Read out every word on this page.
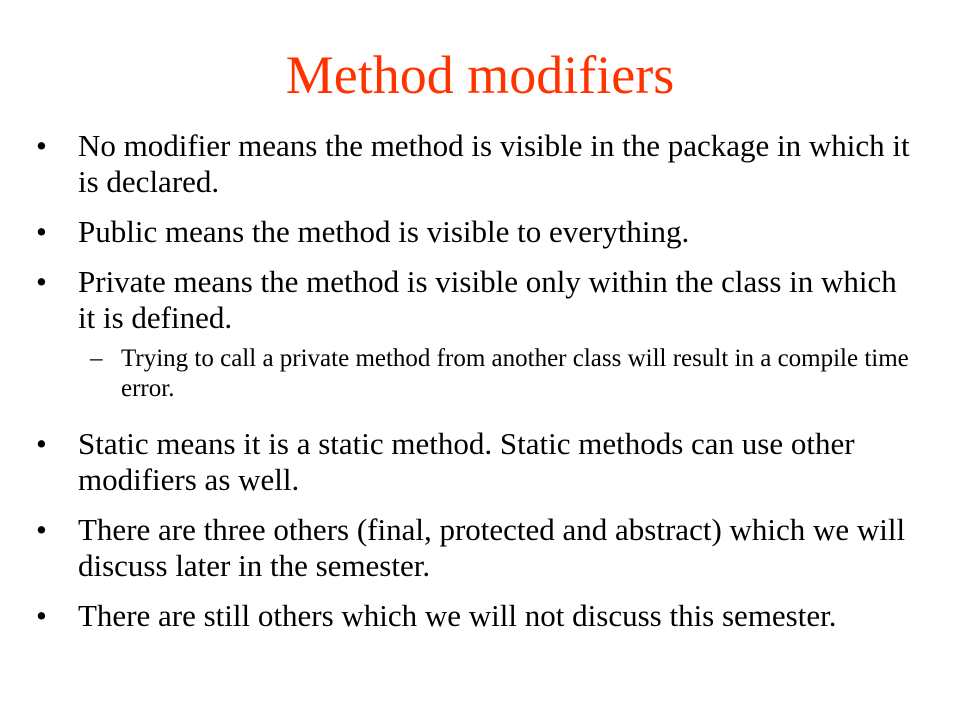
Method modifiers
• No modifier means the method is visible in the package in which it is declared.
• Public means the method is visible to everything.
• Private means the method is visible only within the class in which it is defined.
– Trying to call a private method from another class will result in a compile time error.
• Static means it is a static method. Static methods can use other modifiers as well.
• There are three others (final, protected and abstract) which we will discuss later in the semester.
• There are still others which we will not discuss this semester.
